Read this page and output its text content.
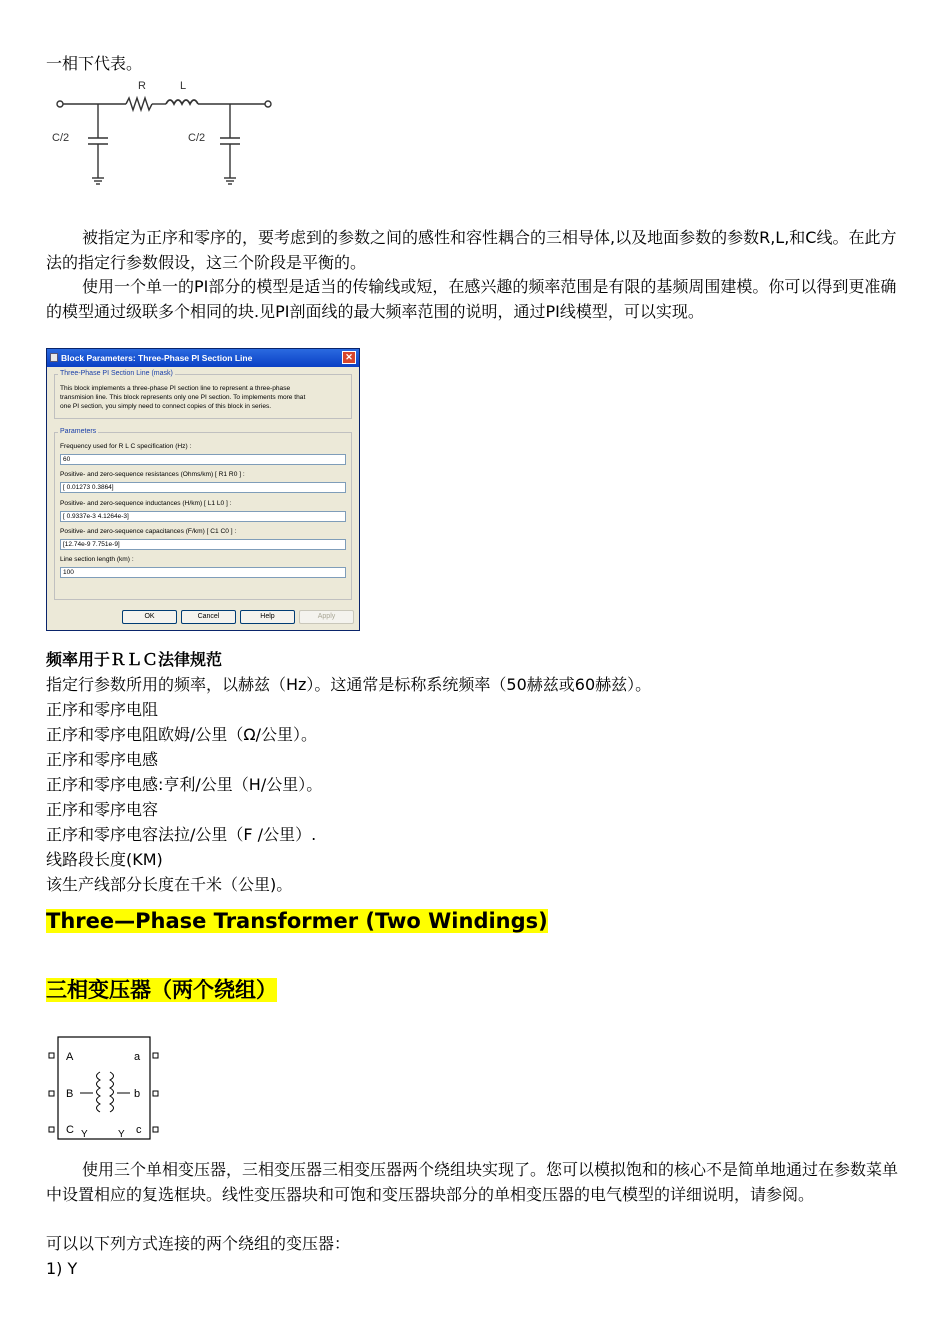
一相下代表。
R	L
C/2	C/2
被指定为正序和零序的，要考虑到的参数之间的感性和容性耦合的三相导体,以及地面参数的参数R,L,和C线。在此方法的指定行参数假设，这三个阶段是平衡的。
使用一个单一的PI部分的模型是适当的传输线或短，在感兴趣的频率范围是有限的基频周围建模。你可以得到更准确的模型通过级联多个相同的块.见PI剖面线的最大频率范围的说明，通过PI线模型，可以实现。
Block Parameters: Three-Phase PI Section Line	✕
Three-Phase PI Section Line (mask)
This block implements a three-phase PI section line to represent a three-phase
transmision line. This block represents only one PI section. To implements more that
one PI section, you simply need to connect copies of this block in series.
Parameters
Frequency used for R L C specification (Hz) :
60
Positive- and zero-sequence resistances (Ohms/km) [ R1 R0 ] :
[ 0.01273 0.3864]
Positive- and zero-sequence inductances (H/km) [ L1 L0 ] :
[ 0.9337e-3 4.1264e-3]
Positive- and zero-sequence capacitances (F/km) [ C1 C0 ] :
[12.74e-9 7.751e-9]
Line section length (km) :
100
OK	Cancel	Help	Apply
频率用于ＲＬＣ法律规范
指定行参数所用的频率，以赫兹（Hz）。这通常是标称系统频率（50赫兹或60赫兹）。
正序和零序电阻
正序和零序电阻欧姆/公里（Ω/公里）。
正序和零序电感
正序和零序电感:亨利/公里（H/公里）。
正序和零序电容
正序和零序电容法拉/公里（F /公里）.
线路段长度(KM)
该生产线部分长度在千米（公里)。
Three—Phase Transformer (Two Windings)
三相变压器（两个绕组）
A
B
C
a
b
c
Y	Y
使用三个单相变压器，三相变压器三相变压器两个绕组块实现了。您可以模拟饱和的核心不是简单地通过在参数菜单中设置相应的复选框块。线性变压器块和可饱和变压器块部分的单相变压器的电气模型的详细说明，请参阅。
可以以下列方式连接的两个绕组的变压器：
1) Y
